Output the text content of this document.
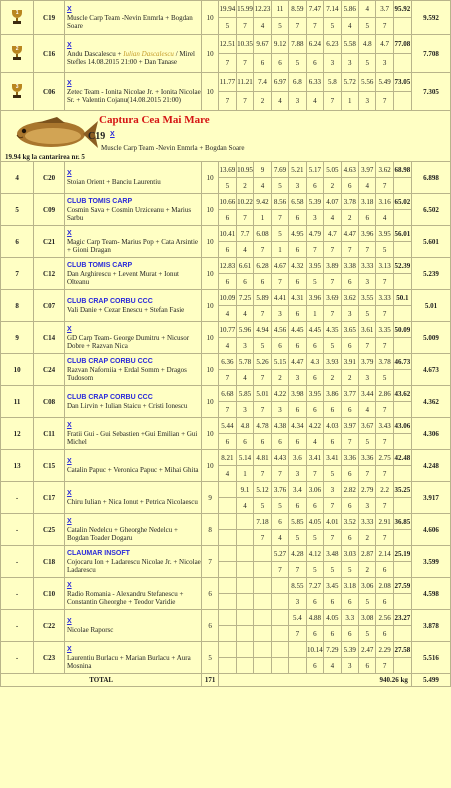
1
	C19	
X
Muscle Carp Team -Nevin Enmrla + Bogdan Soare
	10	
19.94	15.99	12.23	11	8.59	7.47	7.14	5.86	4	3.7	95.92
5	7	4	5	7	7	5	4	5	7	
	9.592

2
	C16	
X
Andu Dascalescu + Iulian Dascalescu / Mirel Stefles 14.08.2015 21:00 + Dan Tanase
	10	
12.51	10.35	9.67	9.12	7.88	6.24	6.23	5.58	4.8	4.7	77.08
7	7	6	6	5	6	3	3	5	3	
	7.708

3
	C06	
X
Zetec Team - Ionita Nicolae Jr. + Ionita Nicolae Sr. + Valentin Cojanu(14.08.2015 21:00)
	10	
11.77	11.21	7.4	6.97	6.8	6.33	5.8	5.72	5.56	5.49	73.05
7	7	2	4	3	4	7	1	3	7	
	7.305
Captura Cea Mai Mare
C19 X
Muscle Carp Team -Nevin Enmrla + Bogdan Soare
19.94 kg la cantarirea nr. 5
4	C20	
X
Stoian Orient + Banciu Laurentiu	10	
13.69	10.95	9	7.69	5.21	5.17	5.05	4.63	3.97	3.62	68.98
5	2	4	5	3	6	2	6	4	7	
	6.898
5	C09	
CLUB TOMIS CARP
Cosmin Sava + Cosmin Urziceanu + Marius Sarbu
	10	
10.66	10.22	9.42	8.56	6.58	5.39	4.07	3.78	3.18	3.16	65.02
6	7	1	7	6	3	4	2	6	4	
	6.502
6	C21	
X
Magic Carp Team- Marius Pop + Cata Arsintie + Gioni Dragan
	10	
10.41	7.7	6.08	5	4.95	4.79	4.7	4.47	3.96	3.95	56.01
6	4	7	1	6	7	7	7	7	5	
	5.601
7	C12	
CLUB TOMIS CARP
Dan Arghirescu + Levent Murat + Ionut Olteanu
	10	
12.83	6.61	6.28	4.67	4.32	3.95	3.89	3.38	3.33	3.13	52.39
6	6	6	7	6	5	7	6	3	7	
	5.239
8	C07	
CLUB CRAP CORBU CCC
Vali Danie + Cezar Enescu + Stefan Fasie	10	
10.09	7.25	5.89	4.41	4.31	3.96	3.69	3.62	3.55	3.33	50.1
4	4	7	3	6	1	7	3	5	7	
	5.01
9	C14	
X
GD Carp Team- George Dumitru + Nicusor Dobre + Razvan Nica
	10	
10.77	5.96	4.94	4.56	4.45	4.45	4.35	3.65	3.61	3.35	50.09
4	3	5	6	6	6	5	6	7	7	
	5.009
10	C24	
CLUB CRAP CORBU CCC
Razvan Naforniia + Erdal Somm + Dragos Tudosom
	10	
6.36	5.78	5.26	5.15	4.47	4.3	3.93	3.91	3.79	3.78	46.73
7	4	7	2	3	6	2	2	3	5	
	4.673
11	C08	
CLUB CRAP CORBU CCC
Dan Lirvin + Iulian Staicu + Cristi Ionescu	10	
6.68	5.85	5.01	4.22	3.98	3.95	3.86	3.77	3.44	2.86	43.62
7	3	7	3	6	6	6	6	4	7	
	4.362
12	C11	
X
Fratii Gui - Gui Sebastien +Gui Emilian + Gui Michel
	10	
5.44	4.8	4.78	4.38	4.34	4.22	4.03	3.97	3.67	3.43	43.06
6	6	6	6	6	4	6	7	5	7	
	4.306
13	C15	
X
Catalin Papuc + Veronica Papuc + Mihai Ghita	10	
8.21	5.14	4.81	4.43	3.6	3.41	3.41	3.36	3.36	2.75	42.48
4	1	7	7	3	7	5	6	7	7	
	4.248
-	C17	
X
Chiru Iulian + Nica Ionut + Petrica Nicolaescu	9	
	9.1	5.12	3.76	3.4	3.06	3	2.82	2.79	2.2	35.25
	4	5	5	6	6	7	6	3	7	
	3.917
-	C25	
X
Catalin Nedelcu + Gheorghe Nedelcu + Bogdan Toader Dogaru
	8	
		7.18	6	5.85	4.05	4.01	3.52	3.33	2.91	36.85
		7	4	5	5	7	6	2	7	
	4.606
-	C18	
CLAUMAR INSOFT
Cojocaru Ion + Ladarescu Nicolae Jr. + Nicolae Ladarescu
	7	
			5.27	4.28	4.12	3.48	3.03	2.87	2.14	25.19
			7	7	5	5	5	2	6	
	3.599
-	C10	
X
Radio Romania - Alexandru Stefanescu + Constantin Gheorghe + Teodor Varidie
	6	
				8.55	7.27	3.45	3.18	3.06	2.08	27.59
				3	6	6	6	5	6	
	4.598
-	C22	
X
Nicolae Raporsc	6	
				5.4	4.88	4.05	3.3	3.08	2.56	23.27
				7	6	6	6	5	6	
	3.878
-	C23	
X
Laurentiu Burlacu + Marian Burlacu + Aura Mosnina
	5	
					10.14	7.29	5.39	2.47	2.29	27.58
					6	4	3	6	7	
	5.516
TOTAL	171	940.26 kg	5.499
